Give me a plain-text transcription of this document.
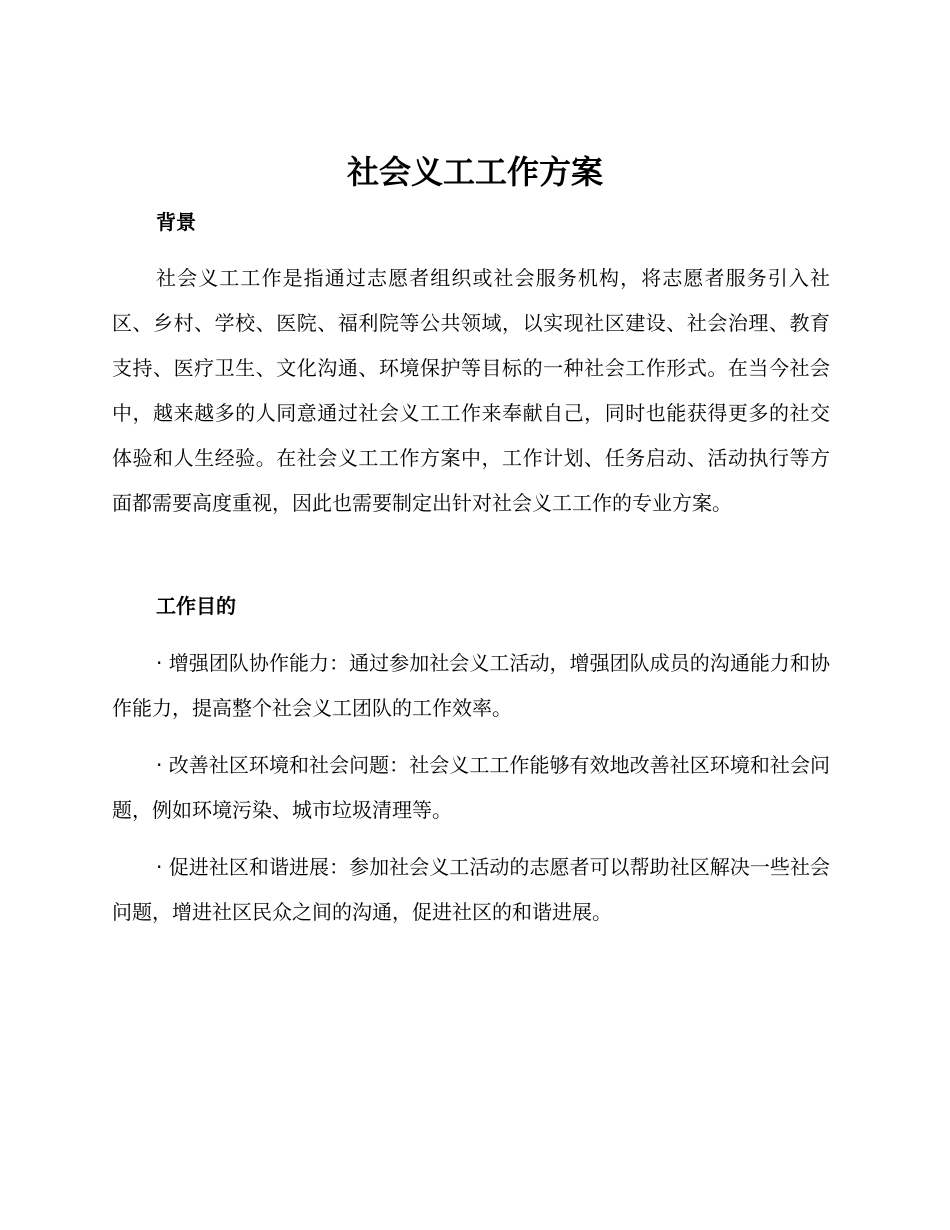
社会义工工作方案
背景

社会义工工作是指通过志愿者组织或社会服务机构，将志愿者服务引入社区、乡村、学校、医院、福利院等公共领域，以实现社区建设、社会治理、教育支持、医疗卫生、文化沟通、环境保护等目标的一种社会工作形式。在当今社会中，越来越多的人同意通过社会义工工作来奉献自己，同时也能获得更多的社交体验和人生经验。在社会义工工作方案中，工作计划、任务启动、活动执行等方面都需要高度重视，因此也需要制定出针对社会义工工作的专业方案。

工作目的

· 增强团队协作能力：通过参加社会义工活动，增强团队成员的沟通能力和协作能力，提高整个社会义工团队的工作效率。

· 改善社区环境和社会问题：社会义工工作能够有效地改善社区环境和社会问题，例如环境污染、城市垃圾清理等。

· 促进社区和谐进展：参加社会义工活动的志愿者可以帮助社区解决一些社会问题，增进社区民众之间的沟通，促进社区的和谐进展。
